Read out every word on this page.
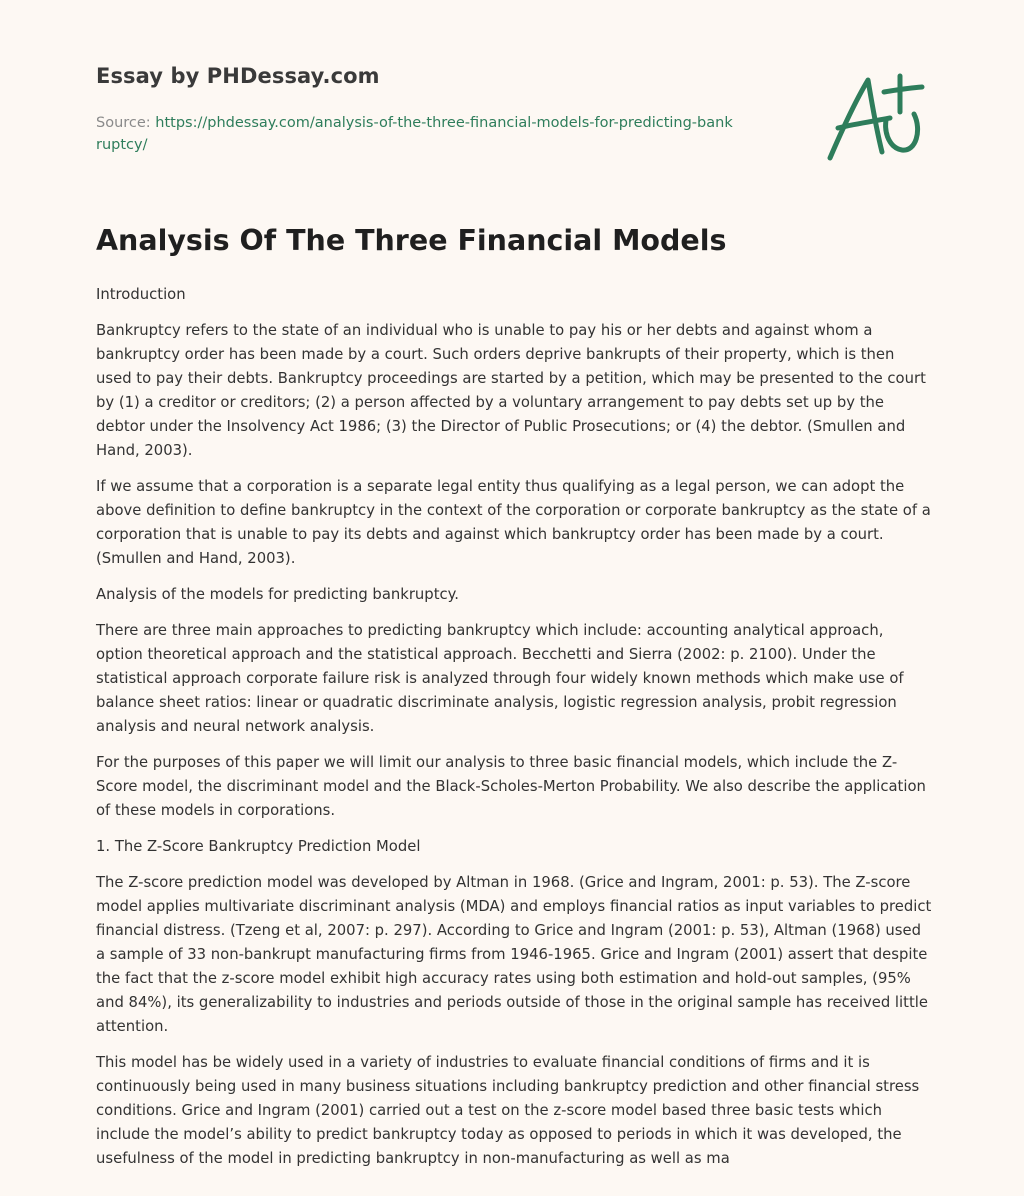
Essay by PHDessay.com
Source: https://phdessay.com/analysis-of-the-three-financial-models-for-predicting-bankruptcy/
Analysis Of The Three Financial Models

Introduction

Bankruptcy refers to the state of an individual who is unable to pay his or her debts and against whom a bankruptcy order has been made by a court. Such orders deprive bankrupts of their property, which is then used to pay their debts. Bankruptcy proceedings are started by a petition, which may be presented to the court by (1) a creditor or creditors; (2) a person affected by a voluntary arrangement to pay debts set up by the debtor under the Insolvency Act 1986; (3) the Director of Public Prosecutions; or (4) the debtor. (Smullen and Hand, 2003).

If we assume that a corporation is a separate legal entity thus qualifying as a legal person, we can adopt the above definition to define bankruptcy in the context of the corporation or corporate bankruptcy as the state of a corporation that is unable to pay its debts and against which bankruptcy order has been made by a court. (Smullen and Hand, 2003).

Analysis of the models for predicting bankruptcy.

There are three main approaches to predicting bankruptcy which include: accounting analytical approach, option theoretical approach and the statistical approach. Becchetti and Sierra (2002: p. 2100). Under the statistical approach corporate failure risk is analyzed through four widely known methods which make use of balance sheet ratios: linear or quadratic discriminate analysis, logistic regression analysis, probit regression analysis and neural network analysis.

For the purposes of this paper we will limit our analysis to three basic financial models, which include the Z-Score model, the discriminant model and the Black-Scholes-Merton Probability. We also describe the application of these models in corporations.

1. The Z-Score Bankruptcy Prediction Model

The Z-score prediction model was developed by Altman in 1968. (Grice and Ingram, 2001: p. 53). The Z-score model applies multivariate discriminant analysis (MDA) and employs financial ratios as input variables to predict financial distress. (Tzeng et al, 2007: p. 297). According to Grice and Ingram (2001: p. 53), Altman (1968) used a sample of 33 non-bankrupt manufacturing firms from 1946-1965. Grice and Ingram (2001) assert that despite the fact that the z-score model exhibit high accuracy rates using both estimation and hold-out samples, (95% and 84%), its generalizability to industries and periods outside of those in the original sample has received little attention.

This model has be widely used in a variety of industries to evaluate financial conditions of firms and it is continuously being used in many business situations including bankruptcy prediction and other financial stress conditions. Grice and Ingram (2001) carried out a test on the z-score model based three basic tests which include the model’s ability to predict bankruptcy today as opposed to periods in which it was developed, the usefulness of the model in predicting bankruptcy in non-manufacturing as well as ma
